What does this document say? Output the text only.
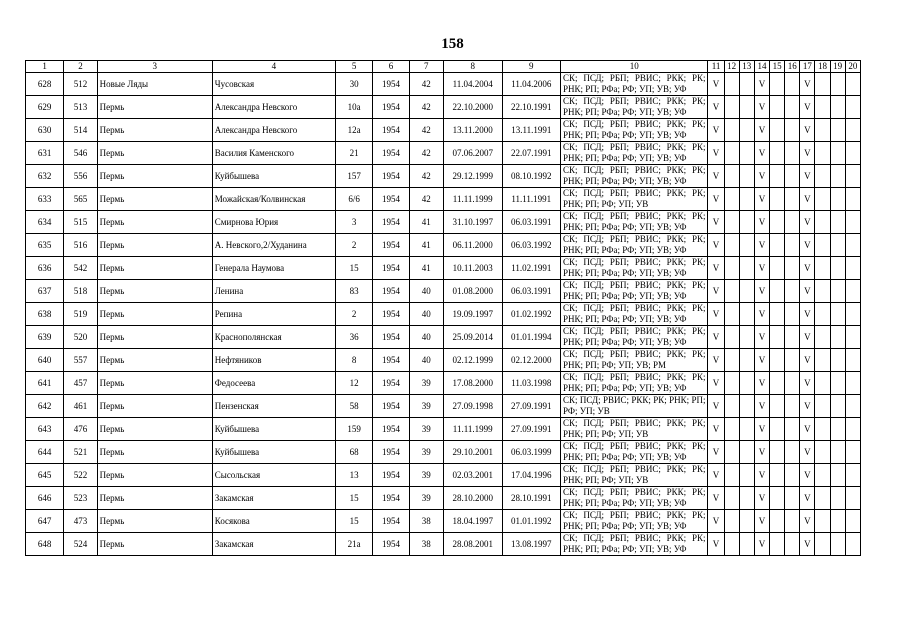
158
1	2	3	4	5	6	7	8	9	10	11	12	13	14	15	16	17	18	19	20
628	512	Новые Ляды	Чусовская	30	1954	42	11.04.2004	11.04.2006	СК; ПСД; РБП; РВИС; РКК; РК; РНК; РП; РФа; РФ; УП; УВ; УФ	V			V			V			
629	513	Пермь	Александра Невского	10а	1954	42	22.10.2000	22.10.1991	СК; ПСД; РБП; РВИС; РКК; РК; РНК; РП; РФа; РФ; УП; УВ; УФ	V			V			V			
630	514	Пермь	Александра Невского	12а	1954	42	13.11.2000	13.11.1991	СК; ПСД; РБП; РВИС; РКК; РК; РНК; РП; РФа; РФ; УП; УВ; УФ	V			V			V			
631	546	Пермь	Василия Каменского	21	1954	42	07.06.2007	22.07.1991	СК; ПСД; РБП; РВИС; РКК; РК; РНК; РП; РФа; РФ; УП; УВ; УФ	V			V			V			
632	556	Пермь	Куйбышева	157	1954	42	29.12.1999	08.10.1992	СК; ПСД; РБП; РВИС; РКК; РК; РНК; РП; РФа; РФ; УП; УВ; УФ	V			V			V			
633	565	Пермь	Можайская/Колвинская	6/6	1954	42	11.11.1999	11.11.1991	СК; ПСД; РБП; РВИС; РКК; РК; РНК; РП; РФ; УП; УВ	V			V			V			
634	515	Пермь	Смирнова Юрия	3	1954	41	31.10.1997	06.03.1991	СК; ПСД; РБП; РВИС; РКК; РК; РНК; РП; РФа; РФ; УП; УВ; УФ	V			V			V			
635	516	Пермь	А. Невского,2/Худанина	2	1954	41	06.11.2000	06.03.1992	СК; ПСД; РБП; РВИС; РКК; РК; РНК; РП; РФа; РФ; УП; УВ; УФ	V			V			V			
636	542	Пермь	Генерала Наумова	15	1954	41	10.11.2003	11.02.1991	СК; ПСД; РБП; РВИС; РКК; РК; РНК; РП; РФа; РФ; УП; УВ; УФ	V			V			V			
637	518	Пермь	Ленина	83	1954	40	01.08.2000	06.03.1991	СК; ПСД; РБП; РВИС; РКК; РК; РНК; РП; РФа; РФ; УП; УВ; УФ	V			V			V			
638	519	Пермь	Репина	2	1954	40	19.09.1997	01.02.1992	СК; ПСД; РБП; РВИС; РКК; РК; РНК; РП; РФа; РФ; УП; УВ; УФ	V			V			V			
639	520	Пермь	Краснополянская	36	1954	40	25.09.2014	01.01.1994	СК; ПСД; РБП; РВИС; РКК; РК; РНК; РП; РФа; РФ; УП; УВ; УФ	V			V			V			
640	557	Пермь	Нефтяников	8	1954	40	02.12.1999	02.12.2000	СК; ПСД; РБП; РВИС; РКК; РК; РНК; РП; РФ; УП; УВ; РМ	V			V			V			
641	457	Пермь	Федосеева	12	1954	39	17.08.2000	11.03.1998	СК; ПСД; РБП; РВИС; РКК; РК; РНК; РП; РФа; РФ; УП; УВ; УФ	V			V			V			
642	461	Пермь	Пензенская	58	1954	39	27.09.1998	27.09.1991	СК; ПСД; РВИС; РКК; РК; РНК; РП; РФ; УП; УВ	V			V			V			
643	476	Пермь	Куйбышева	159	1954	39	11.11.1999	27.09.1991	СК; ПСД; РБП; РВИС; РКК; РК; РНК; РП; РФ; УП; УВ	V			V			V			
644	521	Пермь	Куйбышева	68	1954	39	29.10.2001	06.03.1999	СК; ПСД; РБП; РВИС; РКК; РК; РНК; РП; РФа; РФ; УП; УВ; УФ	V			V			V			
645	522	Пермь	Сысольская	13	1954	39	02.03.2001	17.04.1996	СК; ПСД; РБП; РВИС; РКК; РК; РНК; РП; РФ; УП; УВ	V			V			V			
646	523	Пермь	Закамская	15	1954	39	28.10.2000	28.10.1991	СК; ПСД; РБП; РВИС; РКК; РК; РНК; РП; РФа; РФ; УП; УВ; УФ	V			V			V			
647	473	Пермь	Косякова	15	1954	38	18.04.1997	01.01.1992	СК; ПСД; РБП; РВИС; РКК; РК; РНК; РП; РФа; РФ; УП; УВ; УФ	V			V			V			
648	524	Пермь	Закамская	21а	1954	38	28.08.2001	13.08.1997	СК; ПСД; РБП; РВИС; РКК; РК; РНК; РП; РФа; РФ; УП; УВ; УФ	V			V			V			
